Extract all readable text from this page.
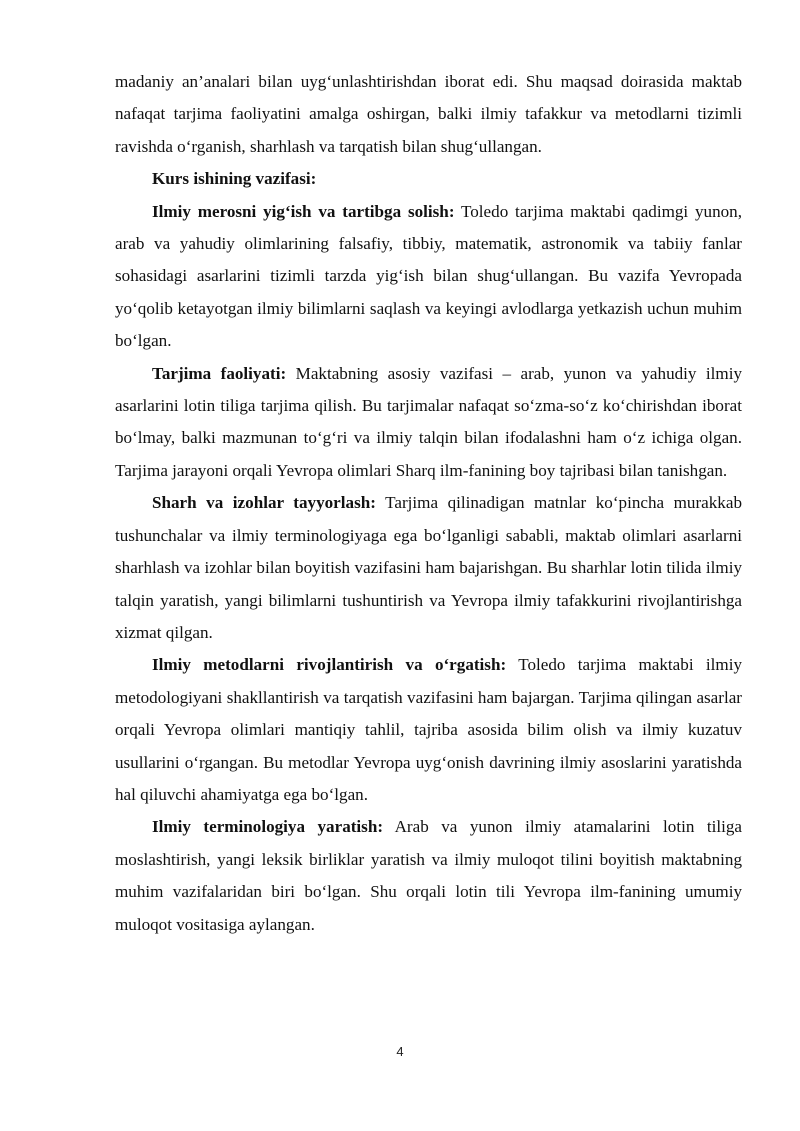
madaniy an’analari bilan uyg‘unlashtirishdan iborat edi. Shu maqsad doirasida maktab nafaqat tarjima faoliyatini amalga oshirgan, balki ilmiy tafakkur va metodlarni tizimli ravishda o‘rganish, sharhlash va tarqatish bilan shug‘ullangan.

Kurs ishining vazifasi:

Ilmiy merosni yig‘ish va tartibga solish: Toledo tarjima maktabi qadimgi yunon, arab va yahudiy olimlarining falsafiy, tibbiy, matematik, astronomik va tabiiy fanlar sohasidagi asarlarini tizimli tarzda yig‘ish bilan shug‘ullangan. Bu vazifa Yevropada yo‘qolib ketayotgan ilmiy bilimlarni saqlash va keyingi avlodlarga yetkazish uchun muhim bo‘lgan.

Tarjima faoliyati: Maktabning asosiy vazifasi – arab, yunon va yahudiy ilmiy asarlarini lotin tiliga tarjima qilish. Bu tarjimalar nafaqat so‘zma-so‘z ko‘chirishdan iborat bo‘lmay, balki mazmunan to‘g‘ri va ilmiy talqin bilan ifodalashni ham o‘z ichiga olgan. Tarjima jarayoni orqali Yevropa olimlari Sharq ilm-fanining boy tajribasi bilan tanishgan.

Sharh va izohlar tayyorlash: Tarjima qilinadigan matnlar ko‘pincha murakkab tushunchalar va ilmiy terminologiyaga ega bo‘lganligi sababli, maktab olimlari asarlarni sharhlash va izohlar bilan boyitish vazifasini ham bajarishgan. Bu sharhlar lotin tilida ilmiy talqin yaratish, yangi bilimlarni tushuntirish va Yevropa ilmiy tafakkurini rivojlantirishga xizmat qilgan.

Ilmiy metodlarni rivojlantirish va o‘rgatish: Toledo tarjima maktabi ilmiy metodologiyani shakllantirish va tarqatish vazifasini ham bajargan. Tarjima qilingan asarlar orqali Yevropa olimlari mantiqiy tahlil, tajriba asosida bilim olish va ilmiy kuzatuv usullarini o‘rgangan. Bu metodlar Yevropa uyg‘onish davrining ilmiy asoslarini yaratishda hal qiluvchi ahamiyatga ega bo‘lgan.

Ilmiy terminologiya yaratish: Arab va yunon ilmiy atamalarini lotin tiliga moslashtirish, yangi leksik birliklar yaratish va ilmiy muloqot tilini boyitish maktabning muhim vazifalaridan biri bo‘lgan. Shu orqali lotin tili Yevropa ilm-fanining umumiy muloqot vositasiga aylangan.

4
